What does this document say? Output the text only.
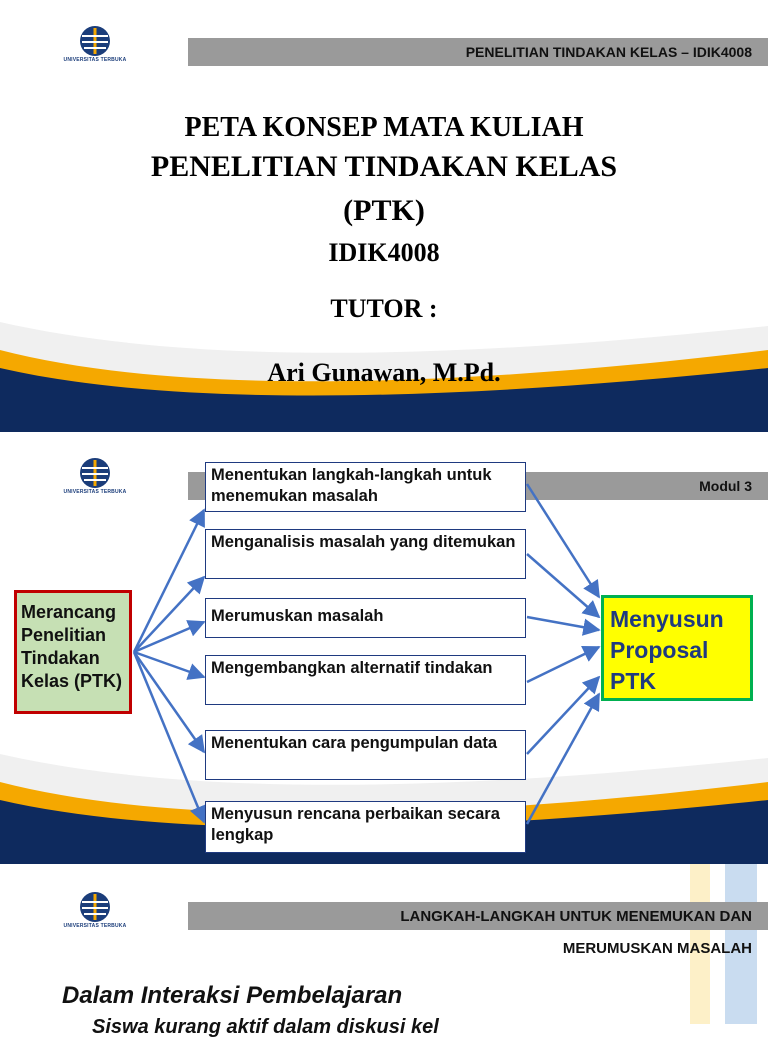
UNIVERSITAS TERBUKA	PENELITIAN TINDAKAN KELAS – IDIK4008
PETA KONSEP MATA KULIAH
PENELITIAN TINDAKAN KELAS
(PTK)
IDIK4008
TUTOR :
Ari Gunawan, M.Pd.
UNIVERSITAS TERBUKA	Modul 3
Merancang Penelitian Tindakan Kelas (PTK)
Menentukan langkah-langkah untuk menemukan masalah
Menganalisis masalah yang ditemukan
Merumuskan masalah
Mengembangkan alternatif tindakan
Menentukan cara pengumpulan data
Menyusun rencana perbaikan secara lengkap
Menyusun Proposal PTK
UNIVERSITAS TERBUKA
LANGKAH-LANGKAH UNTUK MENEMUKAN DAN
MERUMUSKAN MASALAH
Dalam Interaksi Pembelajaran
Siswa kurang aktif dalam diskusi kel
